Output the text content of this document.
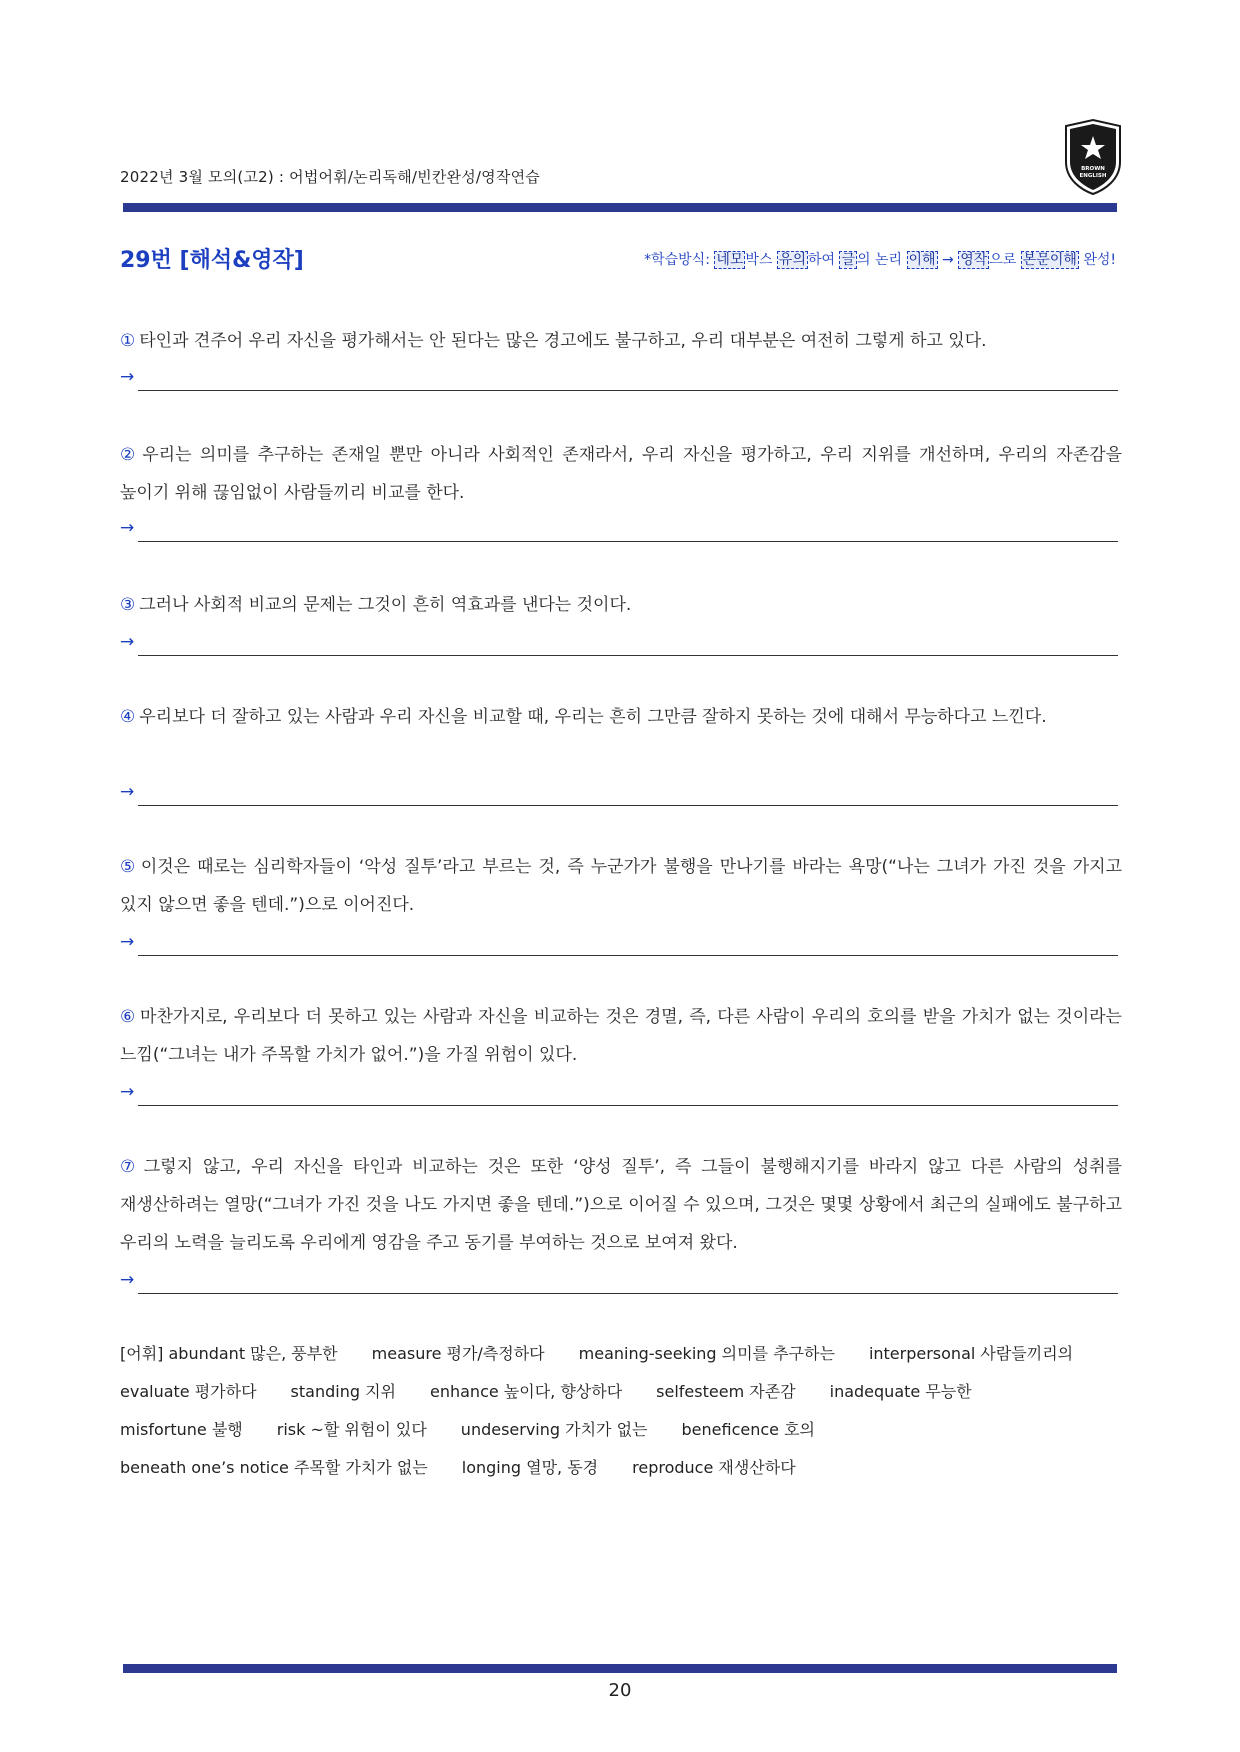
2022년 3월 모의(고2) : 어법어휘/논리독해/빈칸완성/영작연습	BROWN
ENGLISH
29번 [해석&영작]	*학습방식: 네모 박스 유의 하여 글 의 논리 이해 → 영작 으로 본문이해 완성!

① 타인과 견주어 우리 자신을 평가해서는 안 된다는 많은 경고에도 불구하고, 우리 대부분은 여전히 그렇게 하고 있다.

→

② 우리는 의미를 추구하는 존재일 뿐만 아니라 사회적인 존재라서, 우리 자신을 평가하고, 우리 지위를 개선하며, 우리의 자존감을 높이기 위해 끊임없이 사람들끼리 비교를 한다.

→

③ 그러나 사회적 비교의 문제는 그것이 흔히 역효과를 낸다는 것이다.

→

④ 우리보다 더 잘하고 있는 사람과 우리 자신을 비교할 때, 우리는 흔히 그만큼 잘하지 못하는 것에 대해서 무능하다고 느낀다.

→

⑤ 이것은 때로는 심리학자들이 ‘악성 질투’라고 부르는 것, 즉 누군가가 불행을 만나기를 바라는 욕망(“나는 그녀가 가진 것을 가지고 있지 않으면 좋을 텐데.”)으로 이어진다.

→

⑥ 마찬가지로, 우리보다 더 못하고 있는 사람과 자신을 비교하는 것은 경멸, 즉, 다른 사람이 우리의 호의를 받을 가치가 없는 것이라는 느낌(“그녀는 내가 주목할 가치가 없어.”)을 가질 위험이 있다.

→

⑦ 그렇지 않고, 우리 자신을 타인과 비교하는 것은 또한 ‘양성 질투’, 즉 그들이 불행해지기를 바라지 않고 다른 사람의 성취를 재생산하려는 열망(“그녀가 가진 것을 나도 가지면 좋을 텐데.”)으로 이어질 수 있으며, 그것은 몇몇 상황에서 최근의 실패에도 불구하고 우리의 노력을 늘리도록 우리에게 영감을 주고 동기를 부여하는 것으로 보여져 왔다.

→
[어휘] abundant 많은, 풍부한 measure 평가/측정하다 meaning-seeking 의미를 추구하는 interpersonal 사람들끼리의
evaluate 평가하다 standing 지위 enhance 높이다, 향상하다 selfesteem 자존감 inadequate 무능한
misfortune 불행 risk ~할 위험이 있다 undeserving 가치가 없는 beneficence 호의
beneath one’s notice 주목할 가치가 없는 longing 열망, 동경 reproduce 재생산하다
20
